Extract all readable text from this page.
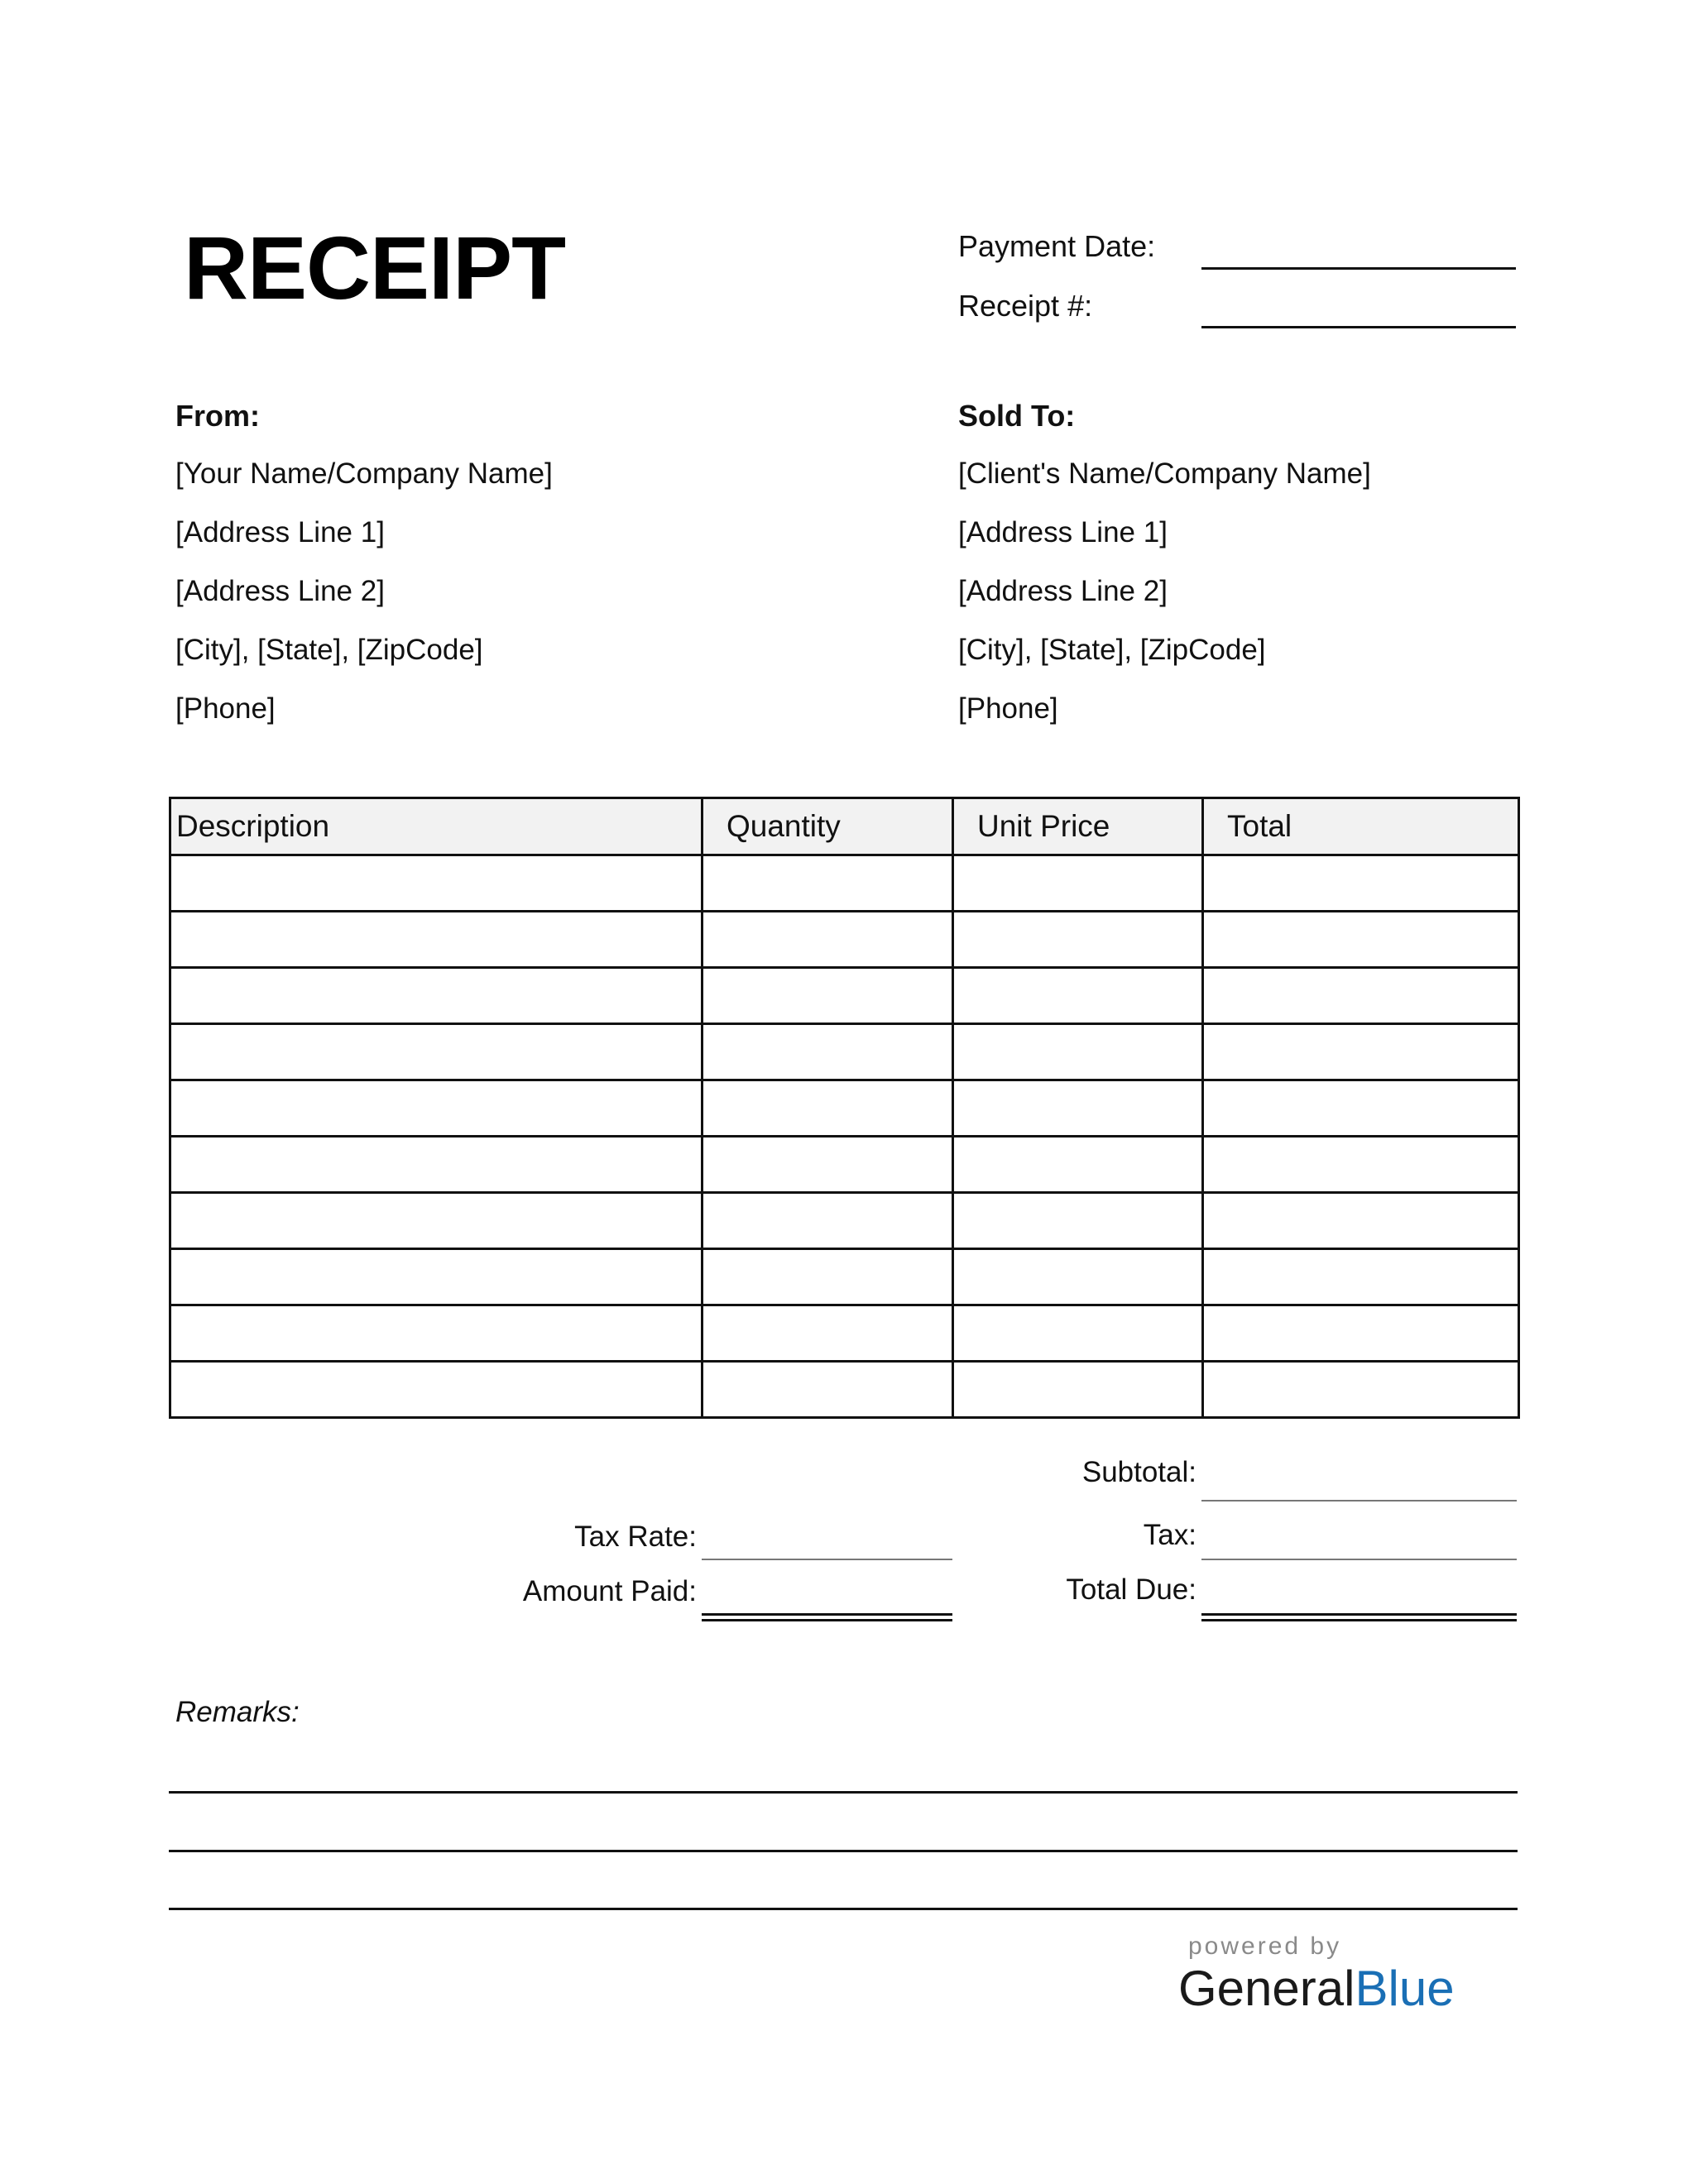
RECEIPT	Payment Date:
Receipt #:
From:
[Your Name/Company Name]
[Address Line 1]
[Address Line 2]
[City], [State], [ZipCode]
[Phone]
Sold To:
[Client's Name/Company Name]
[Address Line 1]
[Address Line 2]
[City], [State], [ZipCode]
[Phone]
Description	Quantity	Unit Price	Total

Subtotal:
Tax Rate:	Tax:
Amount Paid:	Total Due:
Remarks:
powered by
GeneralBlue
